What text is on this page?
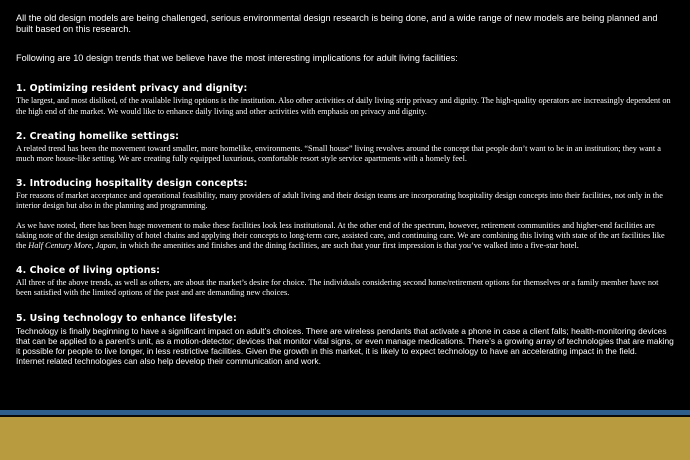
All the old design models are being challenged, serious environmental design research is being done, and a wide range of new models are being planned and built based on this research.

Following are 10 design trends that we believe have the most interesting implications for adult living facilities:

1. Optimizing resident privacy and dignity:

The largest, and most disliked, of the available living options is the institution. Also other activities of daily living strip privacy and dignity. The high-quality operators are increasingly dependent on the high end of the market. We would like to enhance daily living and other activities with emphasis on privacy and dignity.

2. Creating homelike settings:

A related trend has been the movement toward smaller, more homelike, environments. “Small house” living revolves around the concept that people don’t want to be in an institution; they want a much more house-like setting. We are creating fully equipped luxurious, comfortable resort style service apartments with a homely feel.

3. Introducing hospitality design concepts:

For reasons of market acceptance and operational feasibility, many providers of adult living and their design teams are incorporating hospitality design concepts into their facilities, not only in the interior design but also in the planning and programming.

As we have noted, there has been huge movement to make these facilities look less institutional. At the other end of the spectrum, however, retirement communities and higher-end facilities are taking note of the design sensibility of hotel chains and applying their concepts to long-term care, assisted care, and continuing care. We are combining this living with state of the art facilities like the Half Century More, Japan, in which the amenities and finishes and the dining facilities, are such that your first impression is that you’ve walked into a five-star hotel.

4. Choice of living options:

All three of the above trends, as well as others, are about the market’s desire for choice. The individuals considering second home/retirement options for themselves or a family member have not been satisfied with the limited options of the past and are demanding new choices.

5. Using technology to enhance lifestyle:

Technology is finally beginning to have a significant impact on adult’s choices. There are wireless pendants that activate a phone in case a client falls; health-monitoring devices that can be applied to a parent’s unit, as a motion-detector; devices that monitor vital signs, or even manage medications. There’s a growing array of technologies that are making it possible for people to live longer, in less restrictive facilities. Given the growth in this market, it is likely to expect technology to have an accelerating impact in the field.

Internet related technologies can also help develop their communication and work.
